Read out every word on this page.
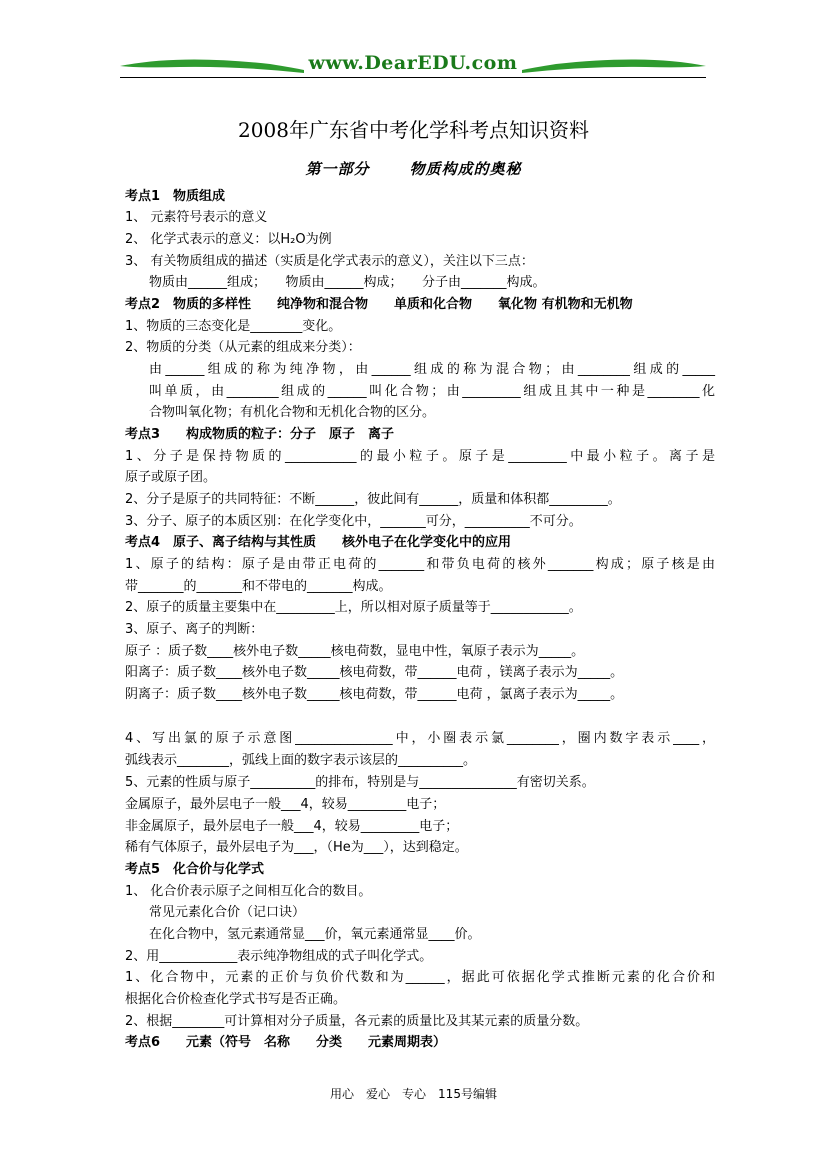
www.DearEDU.com
2008年广东省中考化学科考点知识资料
第一部分	物质构成的奥秘
考点1　物质组成
1、 元素符号表示的意义
2、 化学式表示的意义：以H₂O为例
3、 有关物质组成的描述（实质是化学式表示的意义），关注以下三点：
物质由______组成；　　物质由______构成；　　分子由_______构成。
考点2　物质的多样性　　纯净物和混合物　　单质和化合物　　氧化物 有机物和无机物
1、物质的三态变化是________变化。
2、物质的分类（从元素的组成来分类）：
由______组成的称为纯净物，由______组成的称为混合物；由________组成的_____
叫单质，由________组成的______叫化合物；由_________组成且其中一种是________化
合物叫氧化物；有机化合物和无机化合物的区分。
考点3　　构成物质的粒子：分子　原子　离子
1、分子是保持物质的___________的最小粒子。原子是_________中最小粒子。离子是
原子或原子团。
2、分子是原子的共同特征：不断______，彼此间有______，质量和体积都_________。
3、分子、原子的本质区别：在化学变化中，_______可分，__________不可分。
考点4　原子、离子结构与其性质　　核外电子在化学变化中的应用
1、原子的结构：原子是由带正电荷的_______和带负电荷的核外_______构成；原子核是由
带_______的_______和不带电的_______构成。
2、原子的质量主要集中在_________上，所以相对原子质量等于____________。
3、原子、离子的判断：
原子 ：质子数____核外电子数_____核电荷数，显电中性，氧原子表示为_____。
阳离子：质子数____核外电子数_____核电荷数，带______电荷 ，镁离子表示为_____。
阴离子：质子数____核外电子数_____核电荷数，带______电荷 ，氯离子表示为_____。
4、写出氯的原子示意图_______________中，小圈表示氯________，圈内数字表示____，
弧线表示________，弧线上面的数字表示该层的__________。
5、元素的性质与原子__________的排布，特别是与_______________有密切关系。
金属原子，最外层电子一般___4，较易_________电子；
非金属原子，最外层电子一般___4，较易_________电子；
稀有气体原子，最外层电子为___，（He为___），达到稳定。
考点5　化合价与化学式
1、 化合价表示原子之间相互化合的数目。
常见元素化合价（记口诀）
在化合物中，氢元素通常显___价，氧元素通常显____价。
2、用____________表示纯净物组成的式子叫化学式。
1、化合物中，元素的正价与负价代数和为______，据此可依据化学式推断元素的化合价和
根据化合价检查化学式书写是否正确。
2、根据________可计算相对分子质量，各元素的质量比及其某元素的质量分数。
考点6　　元素（符号　名称　　分类　　元素周期表）
用心　爱心　专心　115号编辑
